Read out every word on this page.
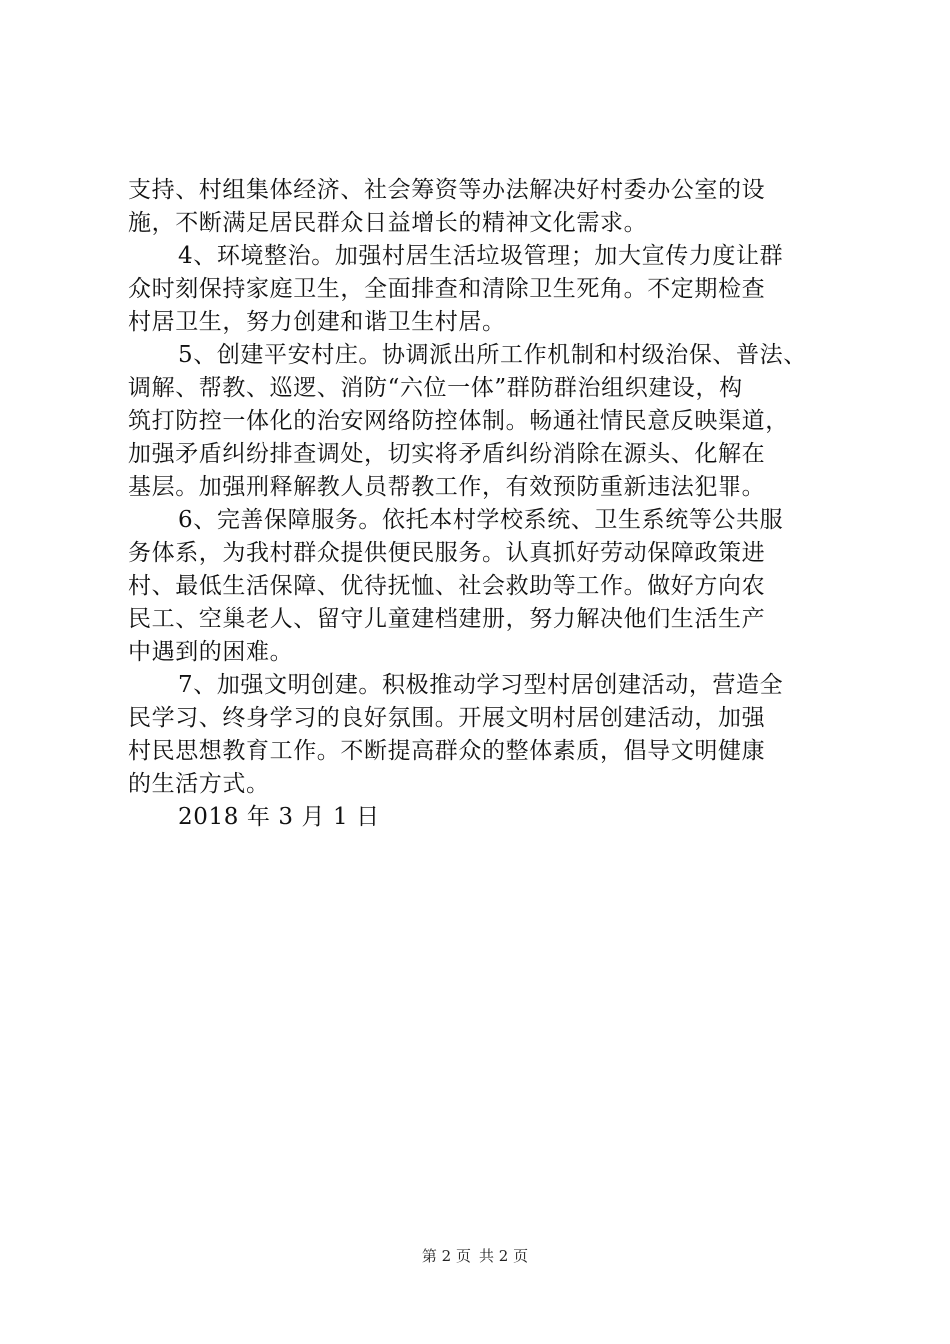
支持、村组集体经济、社会筹资等办法解决好村委办公室的设
施，不断满足居民群众日益增长的精神文化需求。
4、环境整治。加强村居生活垃圾管理；加大宣传力度让群
众时刻保持家庭卫生，全面排查和清除卫生死角。不定期检查
村居卫生，努力创建和谐卫生村居。
5、创建平安村庄。协调派出所工作机制和村级治保、普法、
调解、帮教、巡逻、消防“六位一体”群防群治组织建设，构
筑打防控一体化的治安网络防控体制。畅通社情民意反映渠道，
加强矛盾纠纷排查调处，切实将矛盾纠纷消除在源头、化解在
基层。加强刑释解教人员帮教工作，有效预防重新违法犯罪。
6、完善保障服务。依托本村学校系统、卫生系统等公共服
务体系，为我村群众提供便民服务。认真抓好劳动保障政策进
村、最低生活保障、优待抚恤、社会救助等工作。做好方向农
民工、空巢老人、留守儿童建档建册，努力解决他们生活生产
中遇到的困难。
7、加强文明创建。积极推动学习型村居创建活动，营造全
民学习、终身学习的良好氛围。开展文明村居创建活动，加强
村民思想教育工作。不断提高群众的整体素质，倡导文明健康
的生活方式。
2018 年 3 月 1 日
第 2 页 共 2 页
